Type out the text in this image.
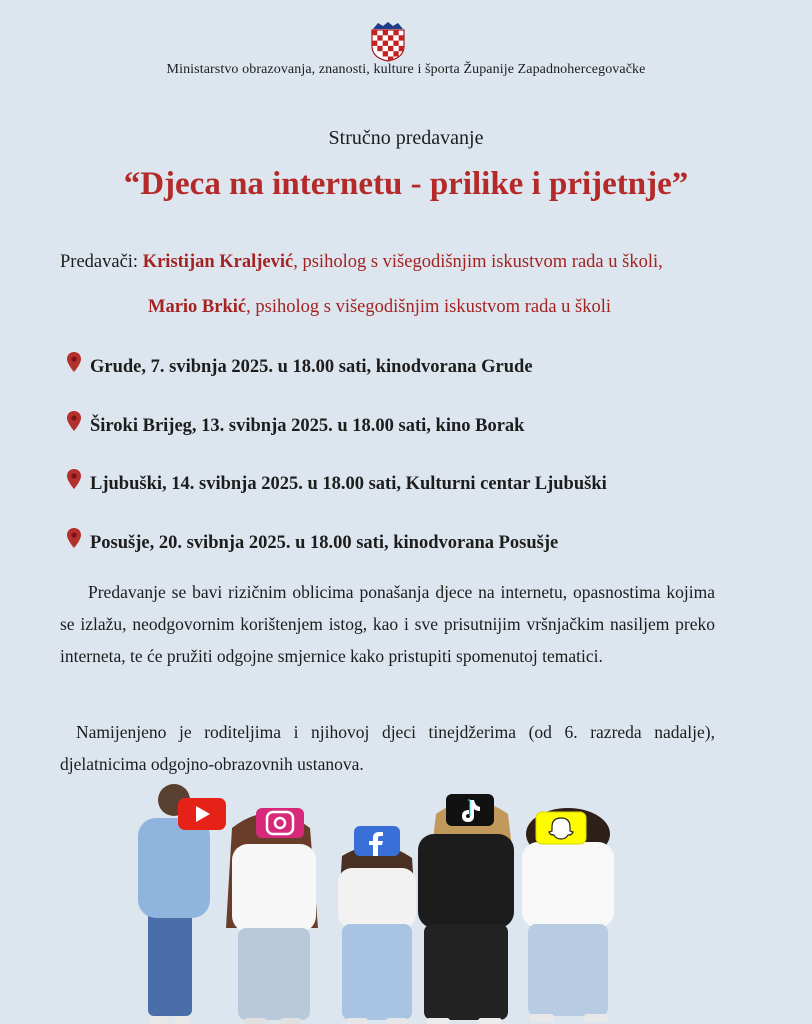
Ministarstvo obrazovanja, znanosti, kulture i športa Županije Zapadnohercegovačke
Stručno predavanje
“Djeca na internetu - prilike i prijetnje”
Predavači: Kristijan Kraljević, psiholog s višegodišnjim iskustvom rada u školi,
Mario Brkić, psiholog s višegodišnjim iskustvom rada u školi
Grude, 7. svibnja 2025. u 18.00 sati, kinodvorana Grude
Široki Brijeg, 13. svibnja 2025. u 18.00 sati, kino Borak
Ljubuški, 14. svibnja 2025. u 18.00 sati, Kulturni centar Ljubuški
Posušje, 20. svibnja 2025. u 18.00 sati, kinodvorana Posušje
Predavanje se bavi rizičnim oblicima ponašanja djece na internetu, opasnostima kojima se izlažu, neodgovornim korištenjem istog, kao i sve prisutnijim vršnjačkim nasiljem preko interneta, te će pružiti odgojne smjernice kako pristupiti spomenutoj tematici.
Namijenjeno je roditeljima i njihovoj djeci tinejdžerima (od 6. razreda nadalje), djelatnicima odgojno-obrazovnih ustanova.
